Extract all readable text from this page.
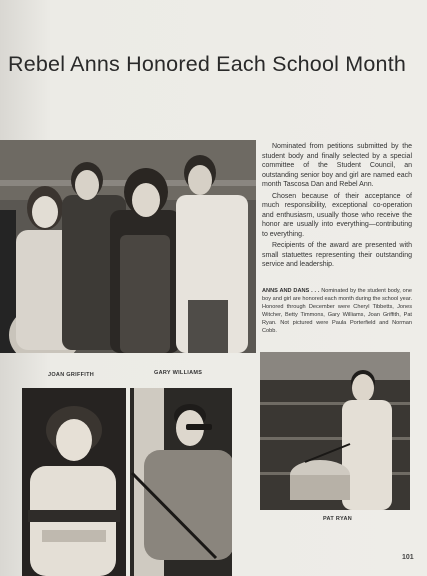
Rebel Anns Honored Each School Month

Nominated from petitions submitted by the student body and finally selected by a special committee of the Student Council, an outstanding senior boy and girl are named each month Tascosa Dan and Rebel Ann.

Chosen because of their acceptance of much responsibility, exceptional co-operation and enthusiasm, usually those who receive the honor are usually into everything—contributing to everything.

Recipients of the award are presented with small statuettes representing their outstanding service and leadership.

ANNS AND DANS . . . Nominated by the student body, one boy and girl are honored each month during the school year. Honored through December were Cheryl Tibbetts, Jones Witcher, Betty Timmons, Gary Williams, Joan Griffith, Pat Ryan. Not pictured were Paula Porterfield and Norman Cobb.
JOAN GRIFFITH	GARY WILLIAMS
PAT RYAN
101
